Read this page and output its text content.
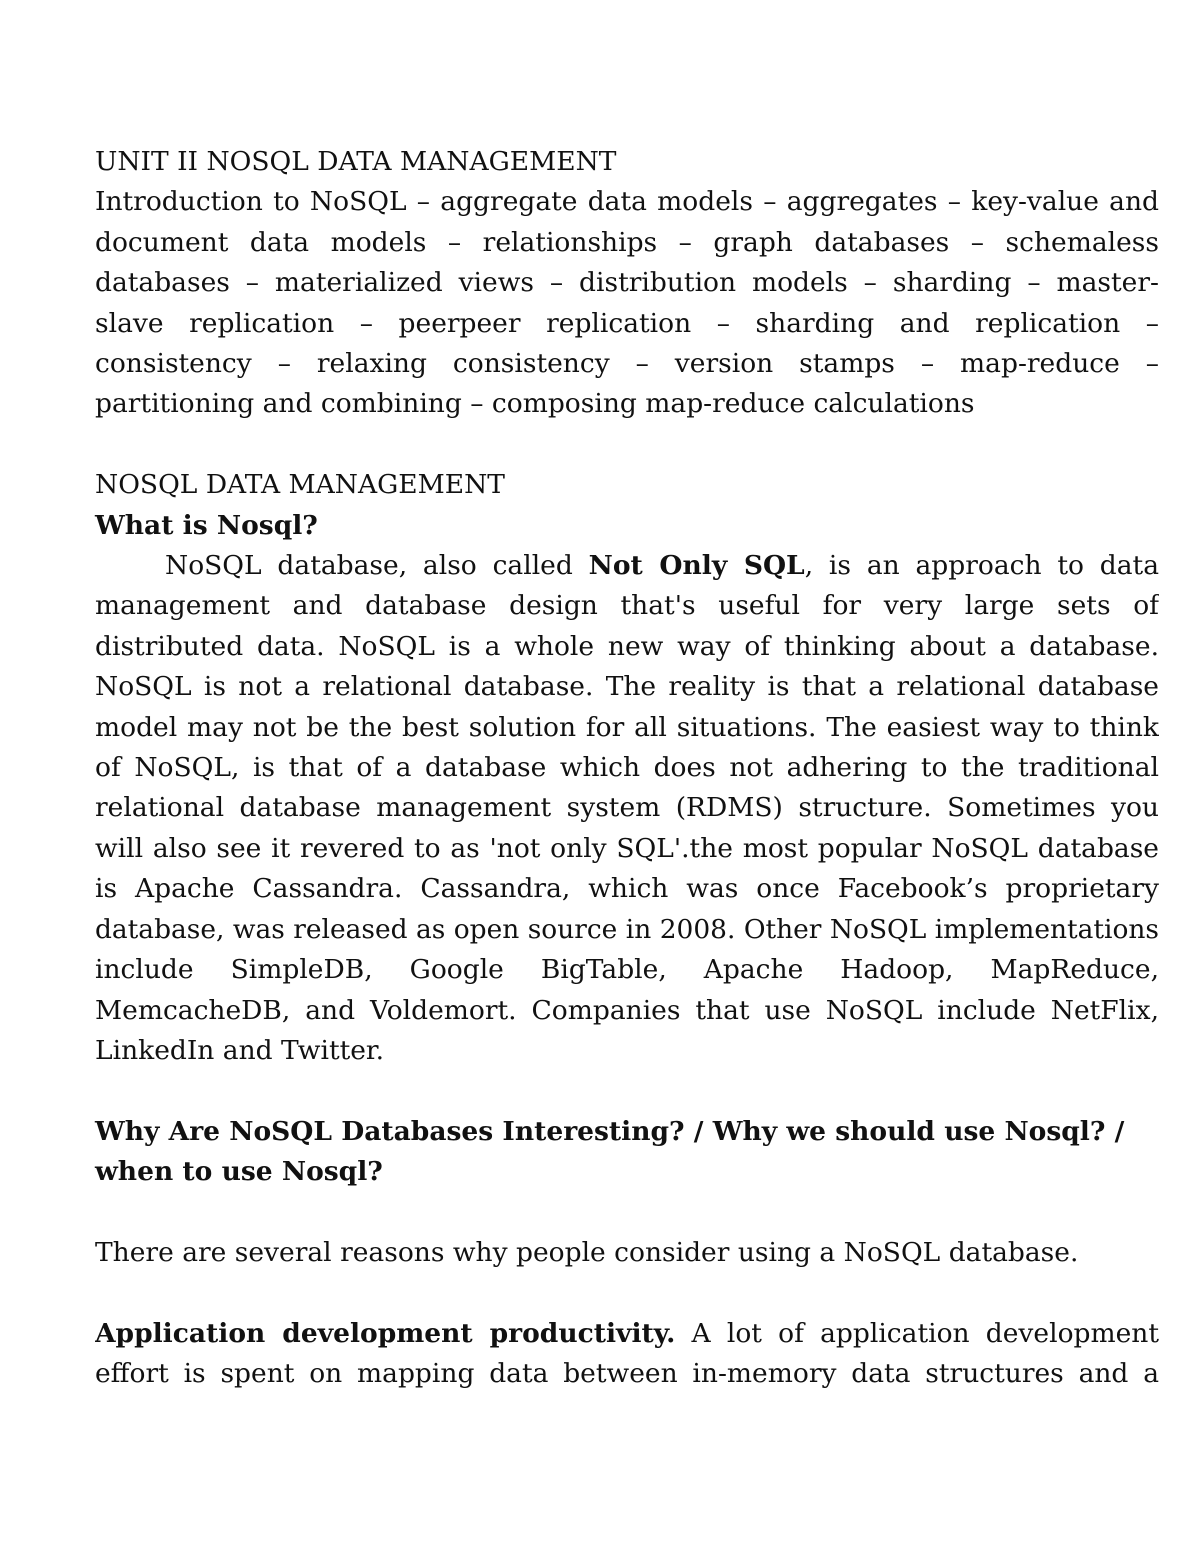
UNIT II NOSQL DATA MANAGEMENT

Introduction to NoSQL – aggregate data models – aggregates – key-value and

document data models – relationships – graph databases – schemaless

databases – materialized views – distribution models – sharding – master-

slave replication – peerpeer replication – sharding and replication –

consistency – relaxing consistency – version stamps – map-reduce –

partitioning and combining – composing map-reduce calculations

NOSQL DATA MANAGEMENT

What is Nosql?

NoSQL database, also called Not Only SQL, is an approach to data

management and database design that's useful for very large sets of

distributed data. NoSQL is a whole new way of thinking about a database.

NoSQL is not a relational database. The reality is that a relational database

model may not be the best solution for all situations. The easiest way to think

of NoSQL, is that of a database which does not adhering to the traditional

relational database management system (RDMS) structure. Sometimes you

will also see it revered to as 'not only SQL'.the most popular NoSQL database

is Apache Cassandra. Cassandra, which was once Facebook’s proprietary

database, was released as open source in 2008. Other NoSQL implementations

include SimpleDB, Google BigTable, Apache Hadoop, MapReduce,

MemcacheDB, and Voldemort. Companies that use NoSQL include NetFlix,

LinkedIn and Twitter.

Why Are NoSQL Databases Interesting? / Why we should use Nosql? /

when to use Nosql?

There are several reasons why people consider using a NoSQL database.

Application development productivity. A lot of application development

effort is spent on mapping data between in-memory data structures and a
